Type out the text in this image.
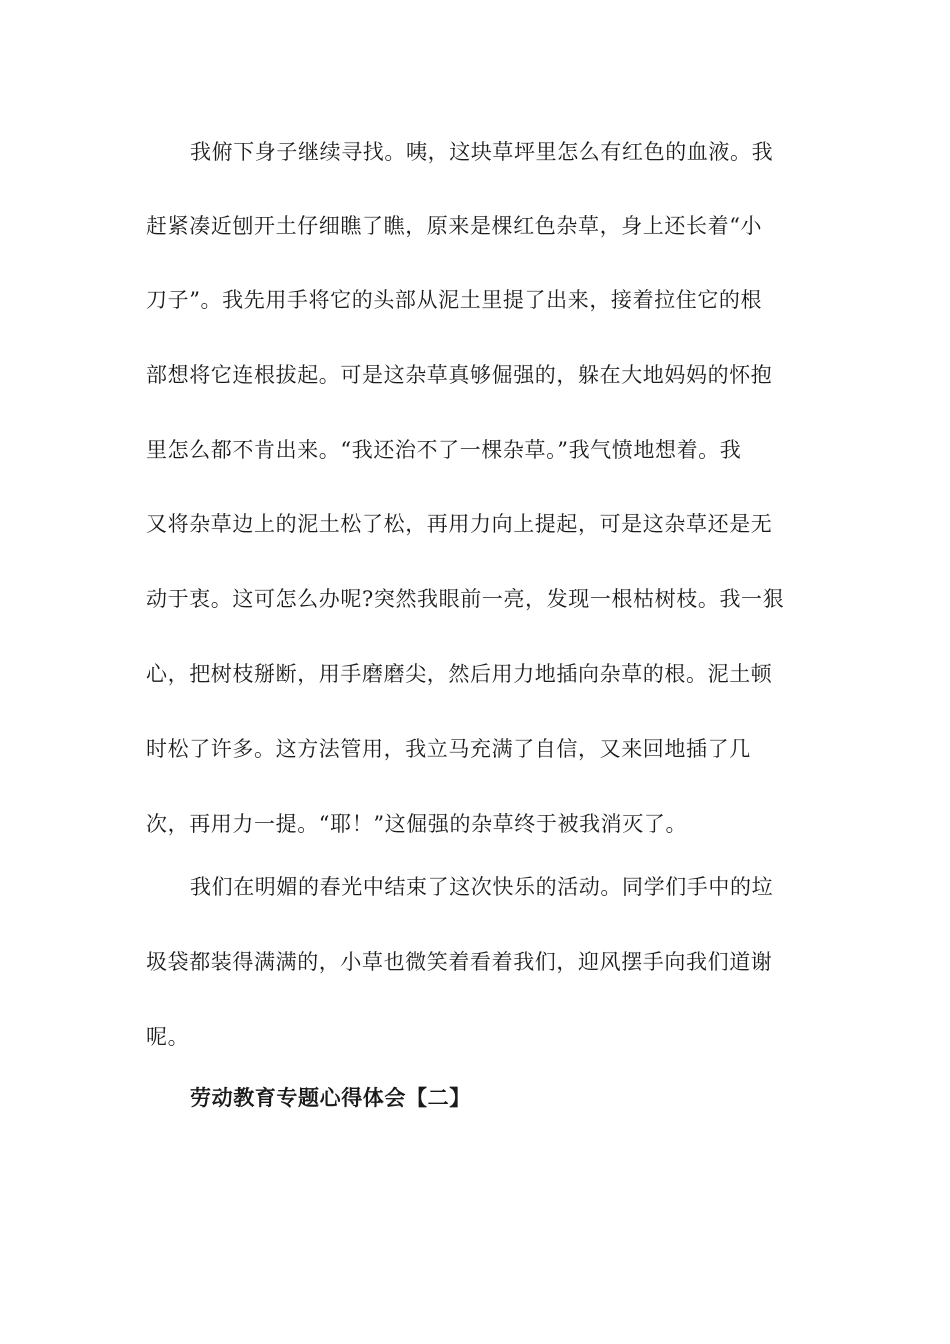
我俯下身子继续寻找。咦，这块草坪里怎么有红色的血液。我
赶紧凑近刨开土仔细瞧了瞧，原来是棵红色杂草，身上还长着“小
刀子”。我先用手将它的头部从泥土里提了出来，接着拉住它的根
部想将它连根拔起。可是这杂草真够倔强的，躲在大地妈妈的怀抱
里怎么都不肯出来。“我还治不了一棵杂草。”我气愤地想着。我
又将杂草边上的泥土松了松，再用力向上提起，可是这杂草还是无
动于衷。这可怎么办呢?突然我眼前一亮，发现一根枯树枝。我一狠
心，把树枝掰断，用手磨磨尖，然后用力地插向杂草的根。泥土顿
时松了许多。这方法管用，我立马充满了自信，又来回地插了几
次，再用力一提。“耶！”这倔强的杂草终于被我消灭了。
我们在明媚的春光中结束了这次快乐的活动。同学们手中的垃
圾袋都装得满满的，小草也微笑着看着我们，迎风摆手向我们道谢
呢。
劳动教育专题心得体会【二】
